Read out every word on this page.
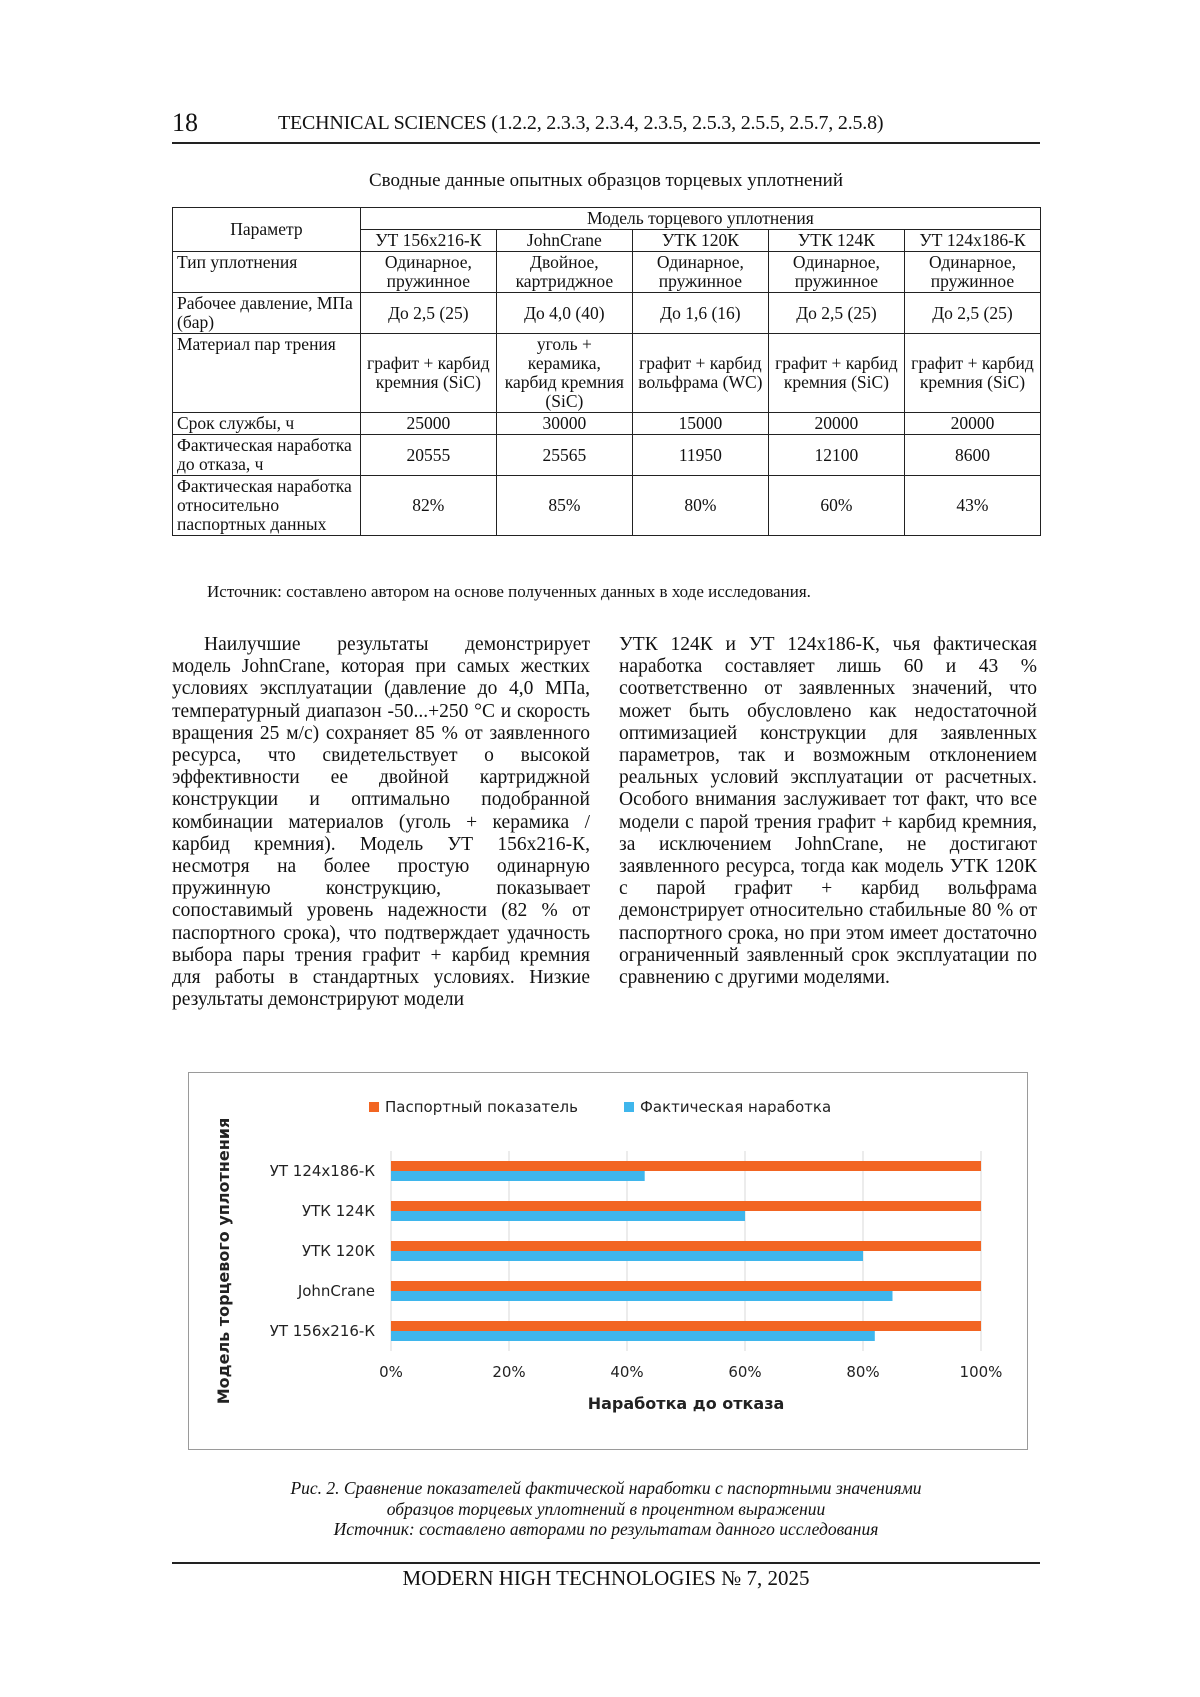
18	TECHNICAL SCIENCES (1.2.2, 2.3.3, 2.3.4, 2.3.5, 2.5.3, 2.5.5, 2.5.7, 2.5.8)
Сводные данные опытных образцов торцевых уплотнений
Параметр	Модель торцевого уплотнения				
	УТ 156х216-К	JohnCrane	УТК 120К	УТК 124К	УТ 124х186-К
Тип уплотнения	Одинарное, пружинное	Двойное, картриджное	Одинарное, пружинное	Одинарное, пружинное	Одинарное, пружинное
Рабочее давление, МПа (бар)	До 2,5 (25)	До 4,0 (40)	До 1,6 (16)	До 2,5 (25)	До 2,5 (25)
Материал пар трения	графит + карбид кремния (SiC)	уголь + керамика, карбид кремния (SiC)	графит + карбид вольфрама (WC)	графит + карбид кремния (SiC)	графит + карбид кремния (SiC)
Срок службы, ч	25000	30000	15000	20000	20000
Фактическая наработка до отказа, ч	20555	25565	11950	12100	8600
Фактическая наработка относительно паспортных данных	82%	85%	80%	60%	43%
Источник: составлено автором на основе полученных данных в ходе исследования.
Наилучшие результаты демонстрирует модель JohnCrane, которая при самых жестких условиях эксплуатации (давление до 4,0 МПа, температурный диапазон -50...+250 °C и скорость вращения 25 м/с) сохраняет 85 % от заявленного ресурса, что свидетельствует о высокой эффективности ее двойной картриджной конструкции и оптимально подобранной комбинации материалов (уголь + керамика / карбид кремния). Модель УТ 156х216-К, несмотря на более простую одинарную пружинную конструкцию, показывает сопоставимый уровень надежности (82 % от паспортного срока), что подтверждает удачность выбора пары трения графит + карбид кремния для работы в стандартных условиях. Низкие результаты демонстрируют модели
УТК 124К и УТ 124х186-К, чья фактическая наработка составляет лишь 60 и 43 % соответственно от заявленных значений, что может быть обусловлено как недостаточной оптимизацией конструкции для заявленных параметров, так и возможным отклонением реальных условий эксплуатации от расчетных. Особого внимания заслуживает тот факт, что все модели с парой трения графит + карбид кремния, за исключением JohnCrane, не достигают заявленного ресурса, тогда как модель УТК 120К с парой графит + карбид вольфрама демонстрирует относительно стабильные 80 % от паспортного срока, но при этом имеет достаточно ограниченный заявленный срок эксплуатации по сравнению с другими моделями.
0%	20%	40%	60%	80%	100%
УТ 124х186-К
УТК 124К
УТК 120К
JohnCrane
УТ 156х216-К
Паспортный показатель	Фактическая наработка
Наработка до отказа
Модель торцевого уплотнения
Рис. 2. Сравнение показателей фактической наработки с паспортными значениями
образцов торцевых уплотнений в процентном выражении
Источник: составлено авторами по результатам данного исследования
MODERN HIGH TECHNOLOGIES № 7, 2025
